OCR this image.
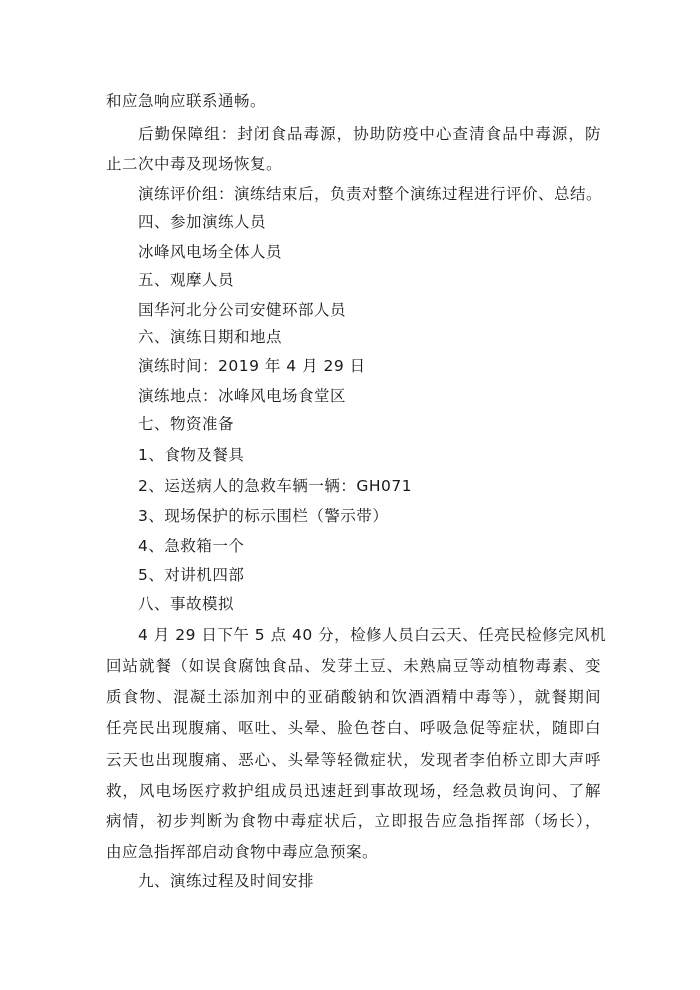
和应急响应联系通畅。
后勤保障组：封闭食品毒源，协助防疫中心查清食品中毒源，防
止二次中毒及现场恢复。
演练评价组：演练结束后，负责对整个演练过程进行评价、总结。
四、参加演练人员
冰峰风电场全体人员
五、观摩人员
国华河北分公司安健环部人员
六、演练日期和地点
演练时间：2019 年 4 月 29 日
演练地点：冰峰风电场食堂区
七、物资准备
1、食物及餐具
2、运送病人的急救车辆一辆：GH071
3、现场保护的标示围栏（警示带）
4、急救箱一个
5、对讲机四部
八、事故模拟
4 月 29 日下午 5 点 40 分，检修人员白云天、任亮民检修完风机
回站就餐（如误食腐蚀食品、发芽土豆、未熟扁豆等动植物毒素、变
质食物、混凝土添加剂中的亚硝酸钠和饮酒酒精中毒等），就餐期间
任亮民出现腹痛、呕吐、头晕、脸色苍白、呼吸急促等症状，随即白
云天也出现腹痛、恶心、头晕等轻微症状，发现者李伯桥立即大声呼
救，风电场医疗救护组成员迅速赶到事故现场，经急救员询问、了解
病情，初步判断为食物中毒症状后，立即报告应急指挥部（场长），
由应急指挥部启动食物中毒应急预案。
九、演练过程及时间安排
